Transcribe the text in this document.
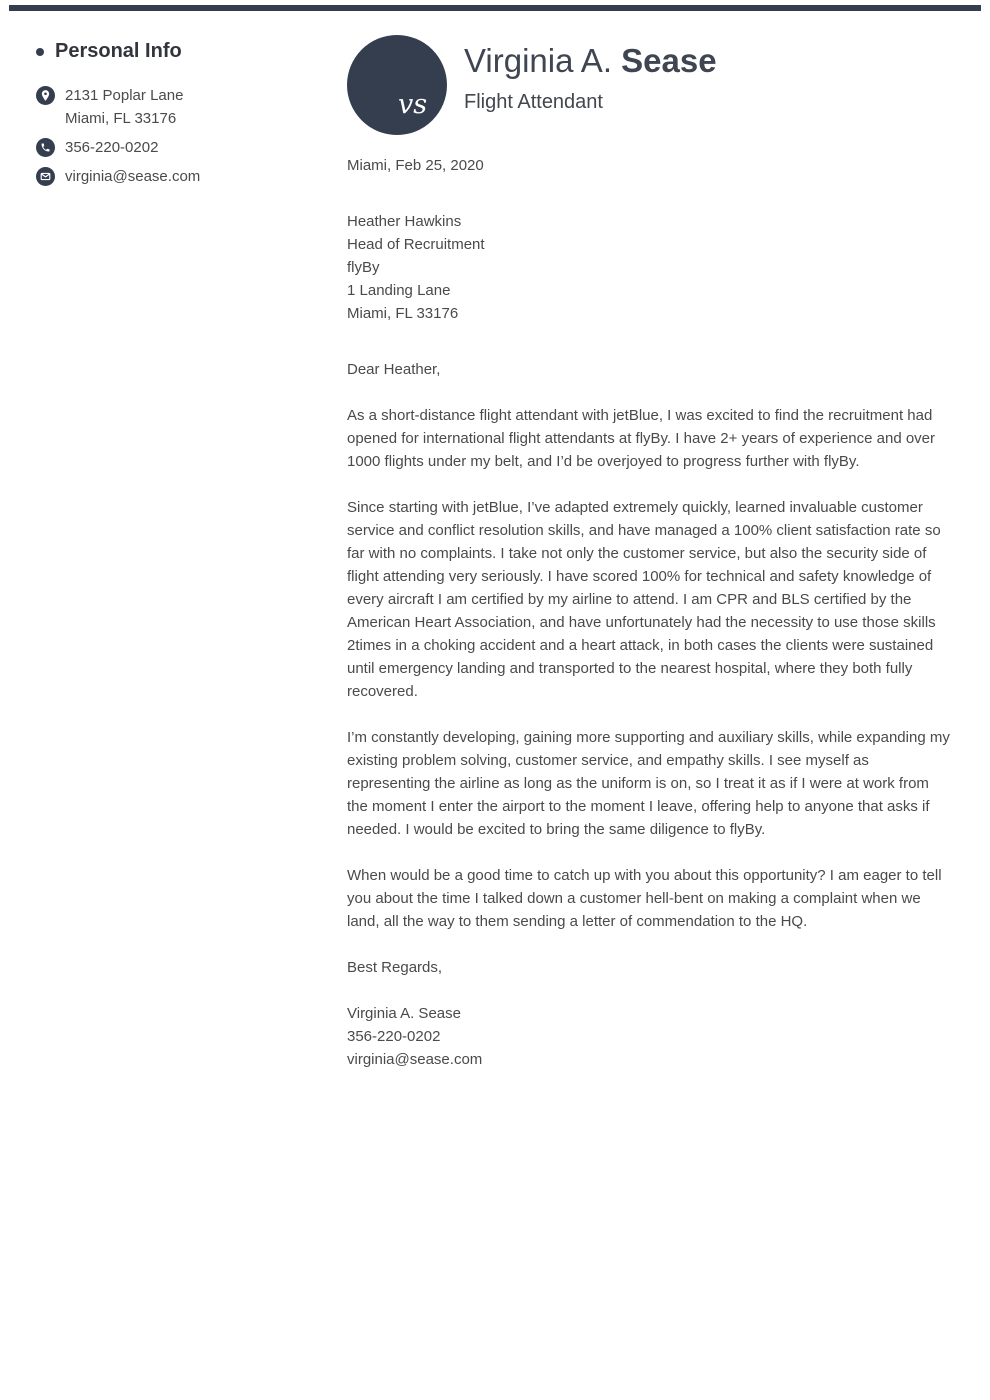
Personal Info
2131 Poplar Lane
Miami, FL 33176
356-220-0202
virginia@sease.com
vs
Virginia A. Sease
Flight Attendant
Miami, Feb 25, 2020
Heather Hawkins
Head of Recruitment
flyBy
1 Landing Lane
Miami, FL 33176
Dear Heather,

As a short-distance flight attendant with jetBlue, I was excited to find the recruitment had opened for international flight attendants at flyBy. I have 2+ years of experience and over 1000 flights under my belt, and I’d be overjoyed to progress further with flyBy.

Since starting with jetBlue, I’ve adapted extremely quickly, learned invaluable customer service and conflict resolution skills, and have managed a 100% client satisfaction rate so far with no complaints. I take not only the customer service, but also the security side of flight attending very seriously. I have scored 100% for technical and safety knowledge of every aircraft I am certified by my airline to attend. I am CPR and BLS certified by the American Heart Association, and have unfortunately had the necessity to use those skills 2times in a choking accident and a heart attack, in both cases the clients were sustained until emergency landing and transported to the nearest hospital, where they both fully recovered.

I’m constantly developing, gaining more supporting and auxiliary skills, while expanding my existing problem solving, customer service, and empathy skills. I see myself as representing the airline as long as the uniform is on, so I treat it as if I were at work from the moment I enter the airport to the moment I leave, offering help to anyone that asks if needed. I would be excited to bring the same diligence to flyBy.

When would be a good time to catch up with you about this opportunity? I am eager to tell you about the time I talked down a customer hell-bent on making a complaint when we land, all the way to them sending a letter of commendation to the HQ.

Best Regards,
Virginia A. Sease
356-220-0202
virginia@sease.com
